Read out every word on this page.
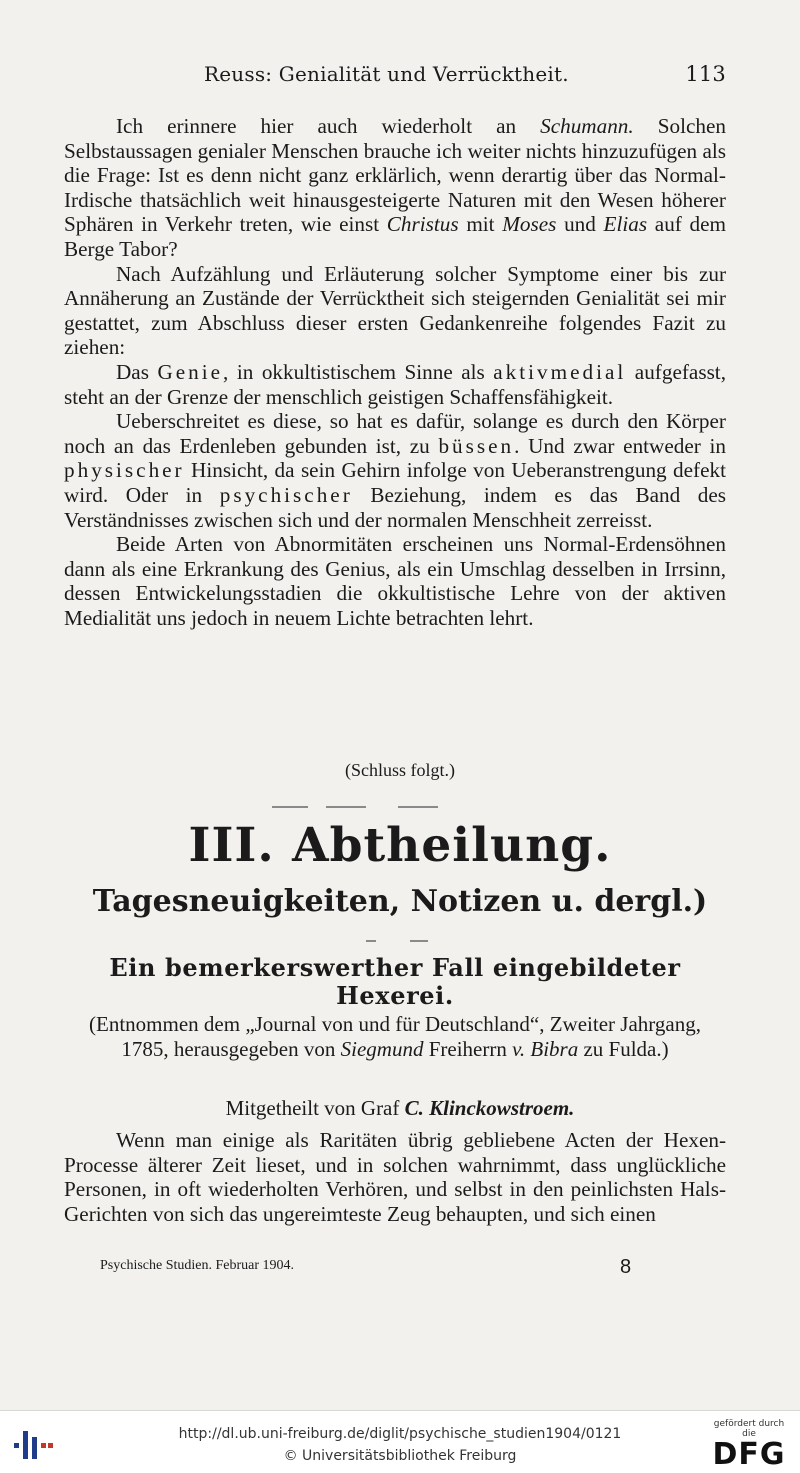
Reuss: Genialität und Verrücktheit.	113

Ich erinnere hier auch wiederholt an Schumann. Solchen Selbstaussagen genialer Menschen brauche ich weiter nichts hinzuzufügen als die Frage: Ist es denn nicht ganz erklärlich, wenn derartig über das Normal-Irdische thatsächlich weit hinausgesteigerte Naturen mit den Wesen höherer Sphären in Verkehr treten, wie einst Christus mit Moses und Elias auf dem Berge Tabor?

Nach Aufzählung und Erläuterung solcher Symptome einer bis zur Annäherung an Zustände der Verrücktheit sich steigernden Genialität sei mir gestattet, zum Abschluss dieser ersten Gedankenreihe folgendes Fazit zu ziehen:

Das Genie, in okkultistischem Sinne als aktivmedial aufgefasst, steht an der Grenze der menschlich geistigen Schaffensfähigkeit.

Ueberschreitet es diese, so hat es dafür, solange es durch den Körper noch an das Erdenleben gebunden ist, zu büssen. Und zwar entweder in physischer Hinsicht, da sein Gehirn infolge von Ueberanstrengung defekt wird. Oder in psychischer Beziehung, indem es das Band des Verständnisses zwischen sich und der normalen Menschheit zerreisst.

Beide Arten von Abnormitäten erscheinen uns Normal-Erdensöhnen dann als eine Erkrankung des Genius, als ein Umschlag desselben in Irrsinn, dessen Entwickelungsstadien die okkultistische Lehre von der aktiven Medialität uns jedoch in neuem Lichte betrachten lehrt.

(Schluss folgt.)
III. Abtheilung.
Tagesneuigkeiten, Notizen u. dergl.)
Ein bemerkerswerther Fall eingebildeter Hexerei.
(Entnommen dem „Journal von und für Deutschland“, Zweiter Jahrgang, 1785, herausgegeben von Siegmund Freiherrn v. Bibra zu Fulda.)
Mitgetheilt von Graf C. Klinckowstroem.

Wenn man einige als Raritäten übrig gebliebene Acten der Hexen-Processe älterer Zeit lieset, und in solchen wahrnimmt, dass unglückliche Personen, in oft wiederholten Verhören, und selbst in den peinlichsten Hals-Gerichten von sich das ungereimteste Zeug behaupten, und sich einen

Psychische Studien. Februar 1904.	8
http://dl.ub.uni-freiburg.de/diglit/psychische_studien1904/0121
© Universitätsbibliothek Freiburg
gefördert durch die
DFG
